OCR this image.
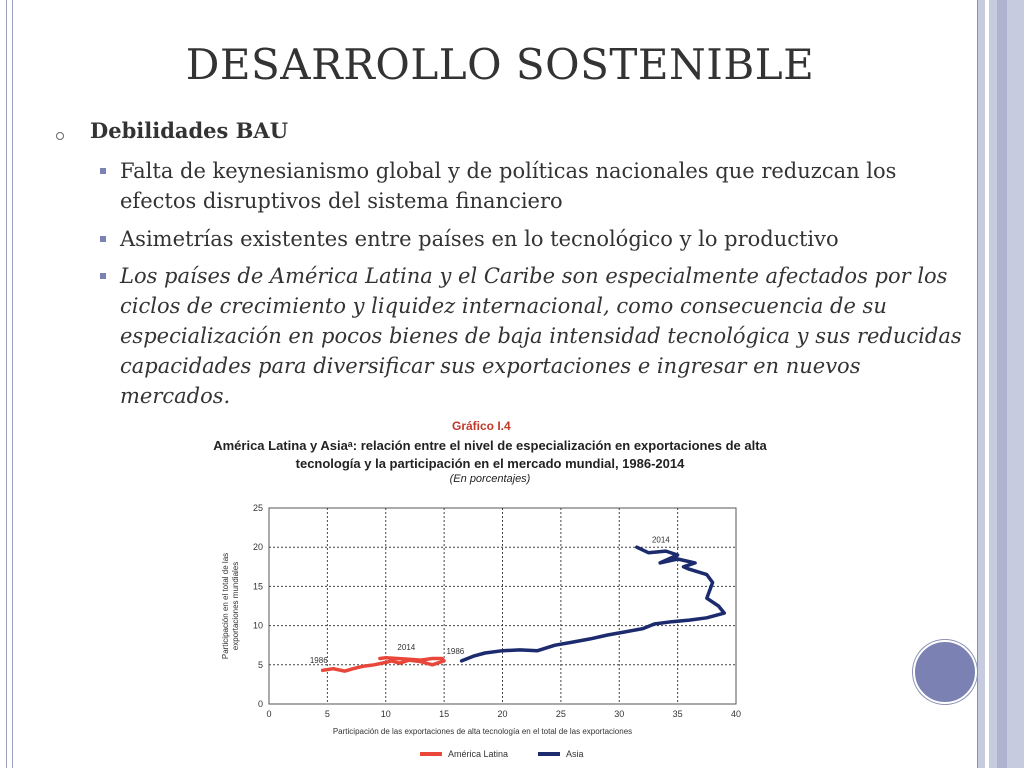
DESARROLLO SOSTENIBLE
Debilidades BAU
Falta de keynesianismo global y de políticas nacionales que reduzcan los efectos disruptivos del sistema financiero
Asimetrías existentes entre países en lo tecnológico y lo productivo
Los países de América Latina y el Caribe son especialmente afectados por los ciclos de crecimiento y liquidez internacional, como consecuencia de su especialización en pocos bienes de baja intensidad tecnológica y sus reducidas capacidades para diversificar sus exportaciones e ingresar en nuevos mercados.
Gráfico I.4
América Latina y Asiaᵃ: relación entre el nivel de especialización en exportaciones de alta tecnología y la participación en el mercado mundial, 1986-2014
(En porcentajes)
0
5
10
15
20
25
0	5	10	15	20	25	30	35	40
Participación de las exportaciones de alta tecnología en el total de las exportaciones
Participación en el total de las exportaciones mundiales
1986
2014	1986
2014
América Latina	Asia
